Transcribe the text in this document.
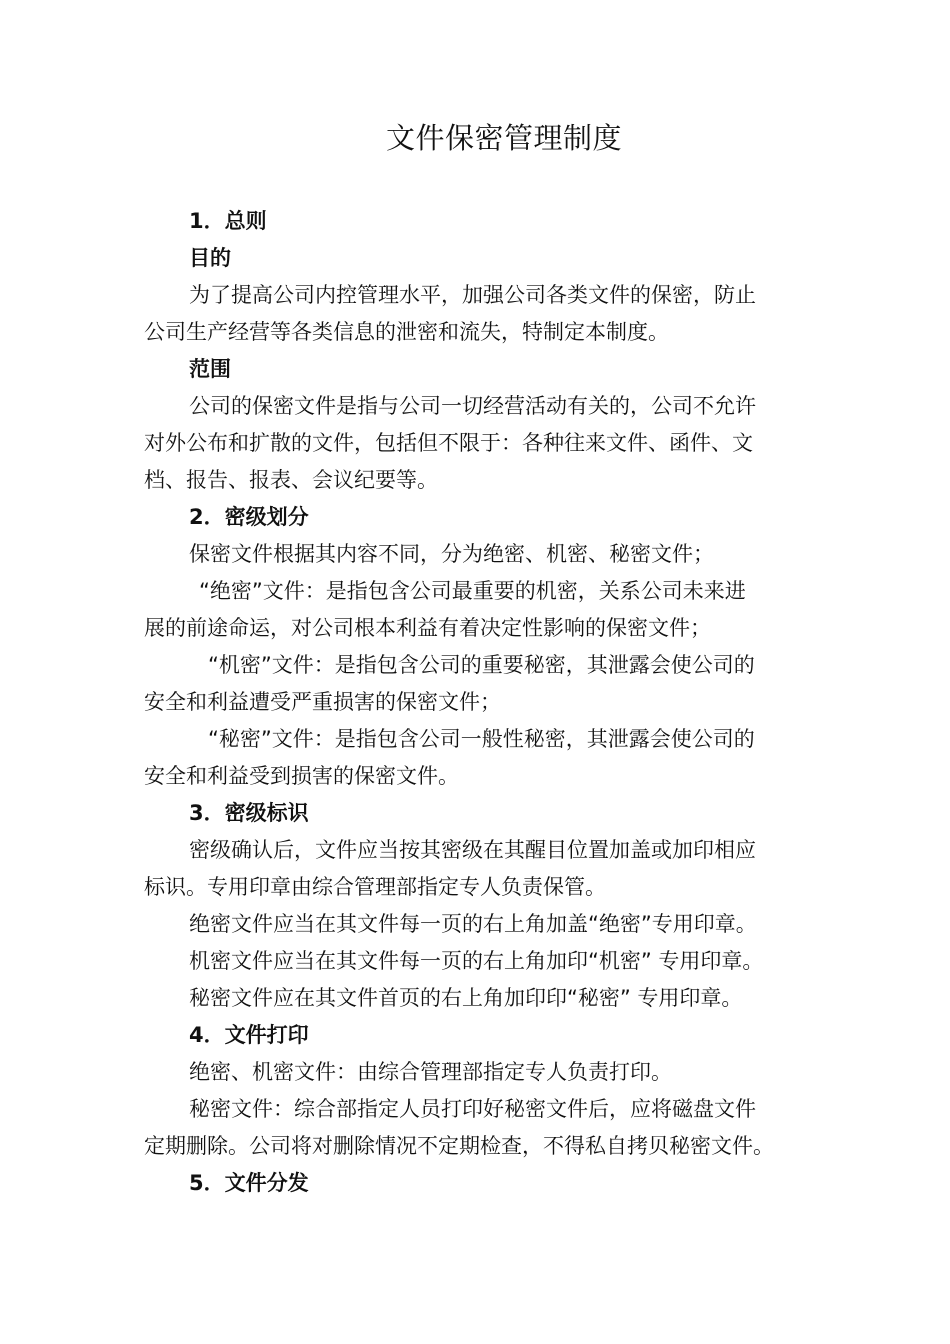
文件保密管理制度

1．总则

目的

为了提高公司内控管理水平，加强公司各类文件的保密，防止

公司生产经营等各类信息的泄密和流失，特制定本制度。

范围

公司的保密文件是指与公司一切经营活动有关的，公司不允许

对外公布和扩散的文件，包括但不限于：各种往来文件、函件、文

档、报告、报表、会议纪要等。

2．密级划分

保密文件根据其内容不同，分为绝密、机密、秘密文件；

“绝密”文件：是指包含公司最重要的机密，关系公司未来进

展的前途命运，对公司根本利益有着决定性影响的保密文件；

“机密”文件：是指包含公司的重要秘密，其泄露会使公司的

安全和利益遭受严重损害的保密文件；

“秘密”文件：是指包含公司一般性秘密，其泄露会使公司的

安全和利益受到损害的保密文件。

3．密级标识

密级确认后，文件应当按其密级在其醒目位置加盖或加印相应

标识。专用印章由综合管理部指定专人负责保管。

绝密文件应当在其文件每一页的右上角加盖“绝密”专用印章。

机密文件应当在其文件每一页的右上角加印“机密” 专用印章。

秘密文件应在其文件首页的右上角加印印“秘密” 专用印章。

4．文件打印

绝密、机密文件：由综合管理部指定专人负责打印。

秘密文件：综合部指定人员打印好秘密文件后，应将磁盘文件

定期删除。公司将对删除情况不定期检查，不得私自拷贝秘密文件。

5．文件分发
